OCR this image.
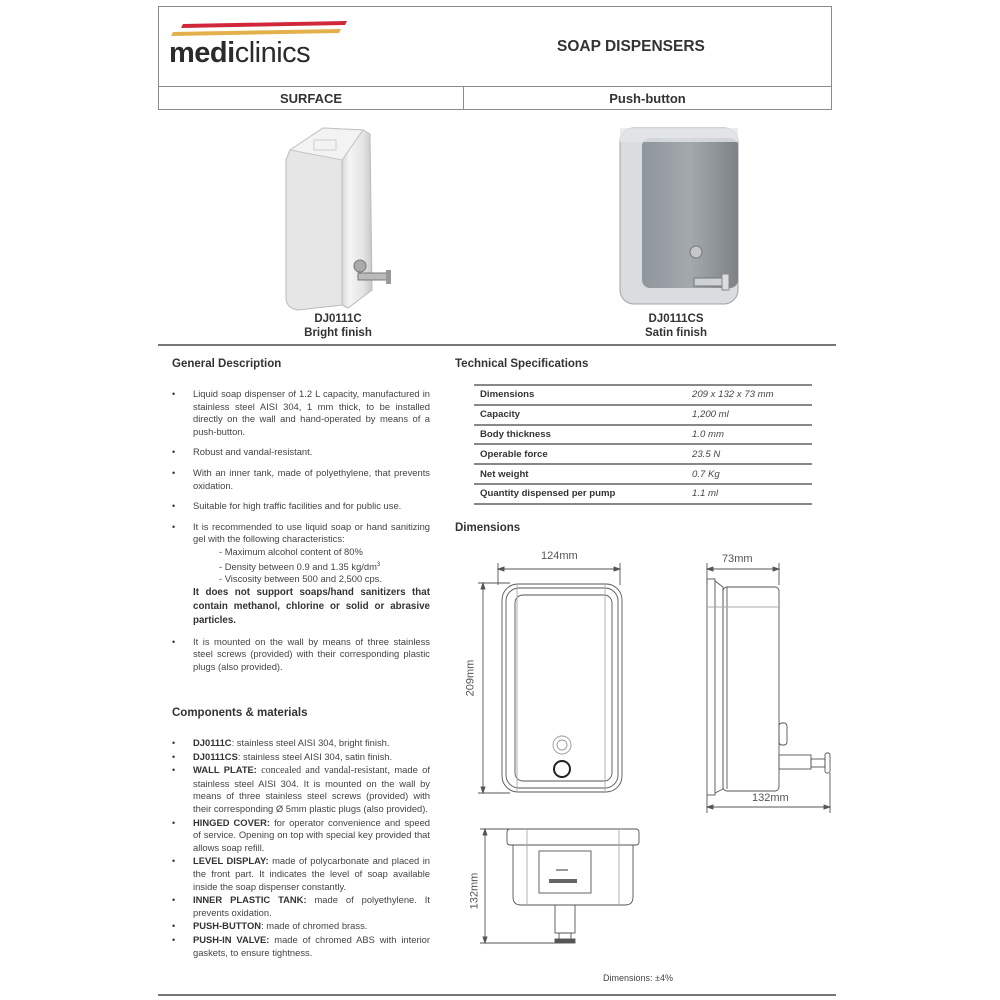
mediclinics	SOAP DISPENSERS
SURFACE	Push-button
DJ0111C
Bright finish
DJ0111CS
Satin finish
General Description
• Liquid soap dispenser of 1.2 L capacity, manufactured in stainless steel AISI 304, 1 mm thick, to be installed directly on the wall and hand-operated by means of a push-button.
• Robust and vandal-resistant.
• With an inner tank, made of polyethylene, that prevents oxidation.
• Suitable for high traffic facilities and for public use.
• It is recommended to use liquid soap or hand sanitizing gel with the following characteristics:
- Maximum alcohol content of 80%
- Density between 0.9 and 1.35 $kg/dm^3$
- Viscosity between 500 and 2,500 cps.
It does not support soaps/hand sanitizers that contain methanol, chlorine or solid or abrasive particles.
• It is mounted on the wall by means of three stainless steel screws (provided) with their corresponding plastic plugs (also provided).
Components & materials
• DJ0111C: stainless steel AISI 304, bright finish.
• DJ0111CS: stainless steel AISI 304, satin finish.
• WALL PLATE: concealed and vandal-resistant, made of stainless steel AISI 304. It is mounted on the wall by means of three stainless steel screws (provided) with their corresponding Ø 5mm plastic plugs (also provided).
• HINGED COVER: for operator convenience and speed of service. Opening on top with special key provided that allows soap refill.
• LEVEL DISPLAY: made of polycarbonate and placed in the front part. It indicates the level of soap available inside the soap dispenser constantly.
• INNER PLASTIC TANK: made of polyethylene. It prevents oxidation.
• PUSH-BUTTON: made of chromed brass.
• PUSH-IN VALVE: made of chromed ABS with interior gaskets, to ensure tightness.
Technical Specifications
Dimensions	209 x 132 x 73 mm
Capacity	1,200 ml
Body thickness	1.0 mm
Operable force	23.5 N
Net weight	0.7 Kg
Quantity dispensed per pump	1.1 ml
Dimensions
124mm
209mm
73mm
132mm
132mm
Dimensions: ±4%
